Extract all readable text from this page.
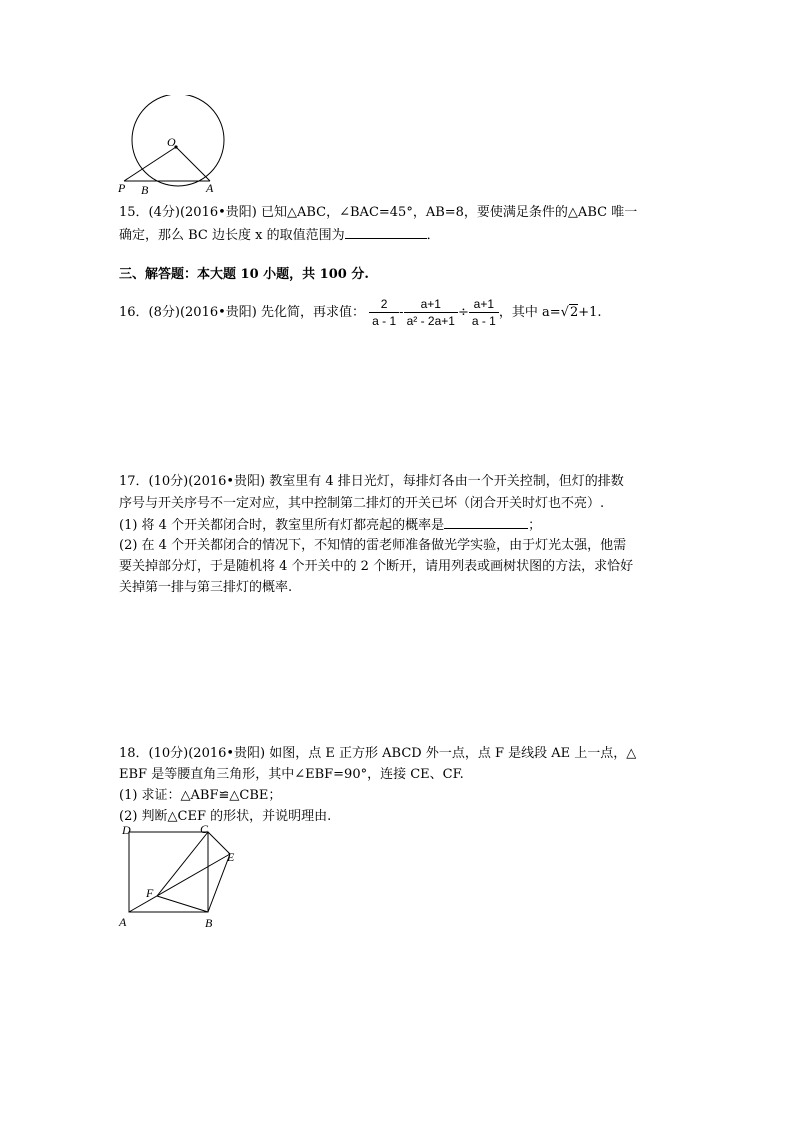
O
P B	A
15．(4分)(2016•贵阳) 已知△ABC，∠BAC=45°，AB=8，要使满足条件的△ABC 唯一
确定，那么 BC 边长度 x 的取值范围为	．
三、解答题：本大题 10 小题，共 100 分.
16．(8分)(2016•贵阳) 先化简，再求值： $\frac{2}{a - 1} - \frac{a+1}{\text{a² - 2a+1}} \div \frac{a+1}{a - 1}$ ，其中 a=√2+1.
17．(10分)(2016•贵阳) 教室里有 4 排日光灯，每排灯各由一个开关控制，但灯的排数
序号与开关序号不一定对应，其中控制第二排灯的开关已坏（闭合开关时灯也不亮）.
(1) 将 4 个开关都闭合时，教室里所有灯都亮起的概率是	；
(2) 在 4 个开关都闭合的情况下，不知情的雷老师准备做光学实验，由于灯光太强，他需
要关掉部分灯，于是随机将 4 个开关中的 2 个断开，请用列表或画树状图的方法，求恰好
关掉第一排与第三排灯的概率.
18．(10分)(2016•贵阳) 如图，点 E 正方形 ABCD 外一点，点 F 是线段 AE 上一点，△
EBF 是等腰直角三角形，其中∠EBF=90°，连接 CE、CF.
(1) 求证：△ABF≌△CBE；
(2) 判断△CEF 的形状，并说明理由.
D	C
E
F
A	B
